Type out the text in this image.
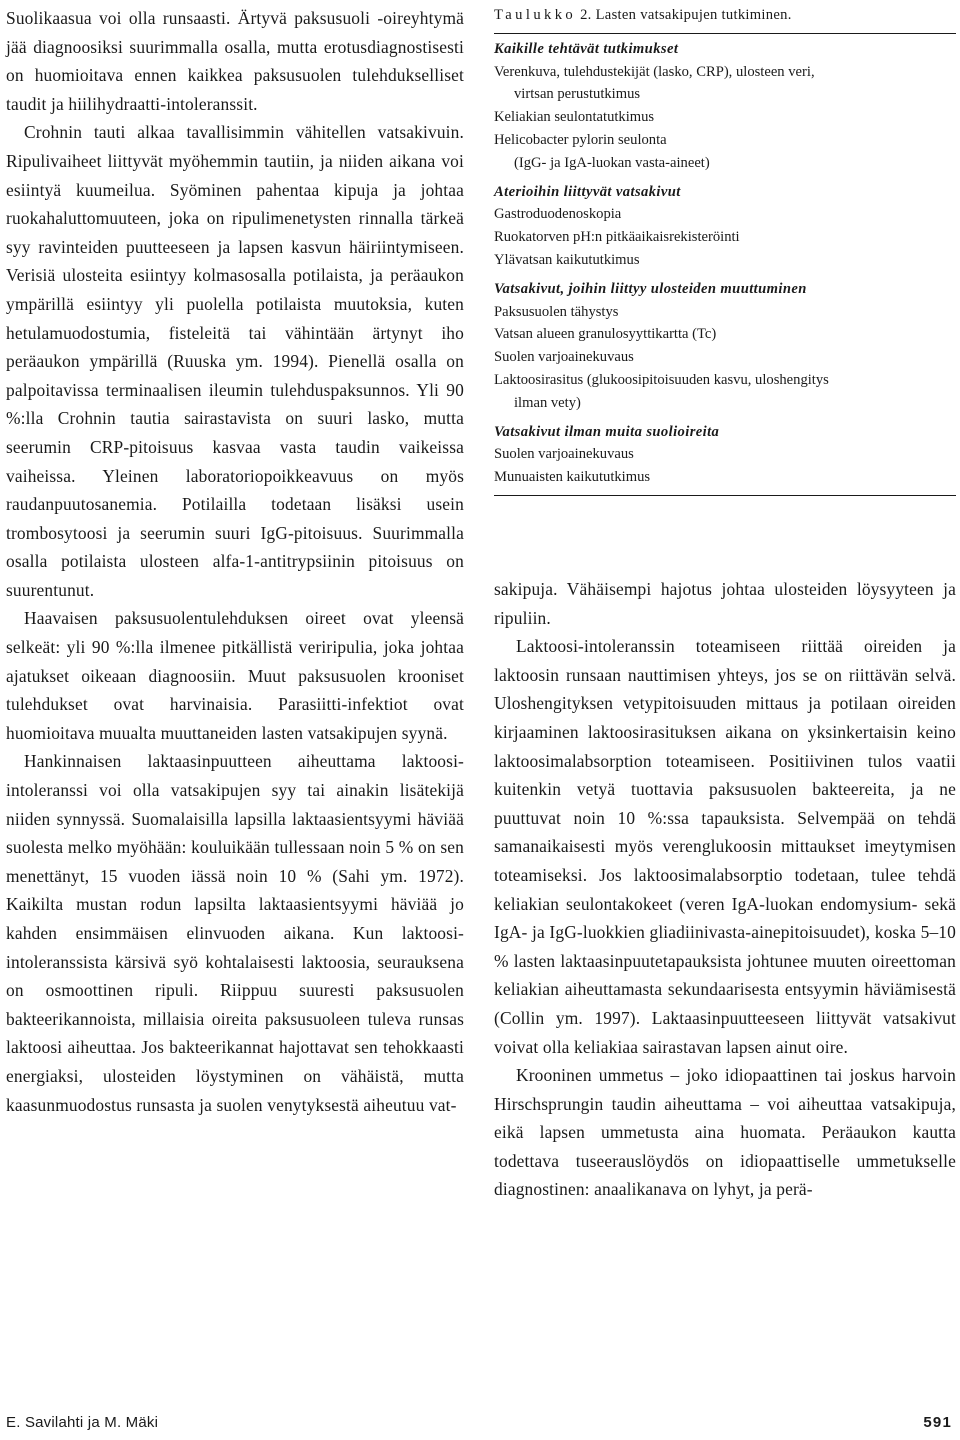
Suolikaasua voi olla runsaasti. Ärtyvä paksusuoli -oireyhtymä jää diagnoosiksi suurimmalla osalla, mutta erotusdiagnostisesti on huomioitava ennen kaikkea paksusuolen tulehdukselliset taudit ja hiilihydraatti-intoleranssit.

Crohnin tauti alkaa tavallisimmin vähitellen vatsakivuin. Ripulivaiheet liittyvät myöhemmin tautiin, ja niiden aikana voi esiintyä kuumeilua. Syöminen pahentaa kipuja ja johtaa ruokahaluttomuuteen, joka on ripulimenetysten rinnalla tärkeä syy ravinteiden puutteeseen ja lapsen kasvun häiriintymiseen. Verisiä ulosteita esiintyy kolmasosalla potilaista, ja peräaukon ympärillä esiintyy yli puolella potilaista muutoksia, kuten hetulamuodostumia, fisteleitä tai vähintään ärtynyt iho peräaukon ympärillä (Ruuska ym. 1994). Pienellä osalla on palpoitavissa terminaalisen ileumin tulehduspaksunnos. Yli 90 %:lla Crohnin tautia sairastavista on suuri lasko, mutta seerumin CRP-pitoisuus kasvaa vasta taudin vaikeissa vaiheissa. Yleinen laboratoriopoikkeavuus on myös raudanpuutosanemia. Potilailla todetaan lisäksi usein trombosytoosi ja seerumin suuri IgG-pitoisuus. Suurimmalla osalla potilaista ulosteen alfa-1-antitrypsiinin pitoisuus on suurentunut.

Haavaisen paksusuolentulehduksen oireet ovat yleensä selkeät: yli 90 %:lla ilmenee pitkällistä veriripulia, joka johtaa ajatukset oikeaan diagnoosiin. Muut paksusuolen krooniset tulehdukset ovat harvinaisia. Parasiitti-infektiot ovat huomioitava muualta muuttaneiden lasten vatsakipujen syynä.

Hankinnaisen laktaasinpuutteen aiheuttama laktoosi-intoleranssi voi olla vatsakipujen syy tai ainakin lisätekijä niiden synnyssä. Suomalaisilla lapsilla laktaasientsyymi häviää suolesta melko myöhään: kouluikään tullessaan noin 5 % on sen menettänyt, 15 vuoden iässä noin 10 % (Sahi ym. 1972). Kaikilta mustan rodun lapsilta laktaasientsyymi häviää jo kahden ensimmäisen elinvuoden aikana. Kun laktoosi-intoleranssista kärsivä syö kohtalaisesti laktoosia, seurauksena on osmoottinen ripuli. Riippuu suuresti paksusuolen bakteerikannoista, millaisia oireita paksusuoleen tuleva runsas laktoosi aiheuttaa. Jos bakteerikannat hajottavat sen tehokkaasti energiaksi, ulosteiden löystyminen on vähäistä, mutta kaasunmuodostus runsasta ja suolen venytyksestä aiheutuu vat-

Taulukko 2. Lasten vatsakipujen tutkiminen.
Kaikille tehtävät tutkimukset
Verenkuva, tulehdustekijät (lasko, CRP), ulosteen veri,
virtsan perustutkimus
Keliakian seulontatutkimus
Helicobacter pylorin seulonta
(IgG- ja IgA-luokan vasta-aineet)
Aterioihin liittyvät vatsakivut
Gastroduodenoskopia
Ruokatorven pH:n pitkäaikaisrekisteröinti
Ylävatsan kaikututkimus
Vatsakivut, joihin liittyy ulosteiden muuttuminen
Paksusuolen tähystys
Vatsan alueen granulosyyttikartta (Tc)
Suolen varjoainekuvaus
Laktoosirasitus (glukoosipitoisuuden kasvu, uloshengitys
ilman vety)
Vatsakivut ilman muita suolioireita
Suolen varjoainekuvaus
Munuaisten kaikututkimus

sakipuja. Vähäisempi hajotus johtaa ulosteiden löysyyteen ja ripuliin.

Laktoosi-intoleranssin toteamiseen riittää oireiden ja laktoosin runsaan nauttimisen yhteys, jos se on riittävän selvä. Uloshengityksen vetypitoisuuden mittaus ja potilaan oireiden kirjaaminen laktoosirasituksen aikana on yksinkertaisin keino laktoosimalabsorption toteamiseen. Positiivinen tulos vaatii kuitenkin vetyä tuottavia paksusuolen bakteereita, ja ne puuttuvat noin 10 %:ssa tapauksista. Selvempää on tehdä samanaikaisesti myös verenglukoosin mittaukset imeytymisen toteamiseksi. Jos laktoosimalabsorptio todetaan, tulee tehdä keliakian seulontakokeet (veren IgA-luokan endomysium- sekä IgA- ja IgG-luokkien gliadiinivasta-ainepitoisuudet), koska 5–10 % lasten laktaasinpuutetapauksista johtunee muuten oireettoman keliakian aiheuttamasta sekundaarisesta entsyymin häviämisestä (Collin ym. 1997). Laktaasinpuutteeseen liittyvät vatsakivut voivat olla keliakiaa sairastavan lapsen ainut oire.

Krooninen ummetus – joko idiopaattinen tai joskus harvoin Hirschsprungin taudin aiheuttama – voi aiheuttaa vatsakipuja, eikä lapsen ummetusta aina huomata. Peräaukon kautta todettava tuseerauslöydös on idiopaattiselle ummetukselle diagnostinen: anaalikanava on lyhyt, ja perä-

E. Savilahti ja M. Mäki	591
